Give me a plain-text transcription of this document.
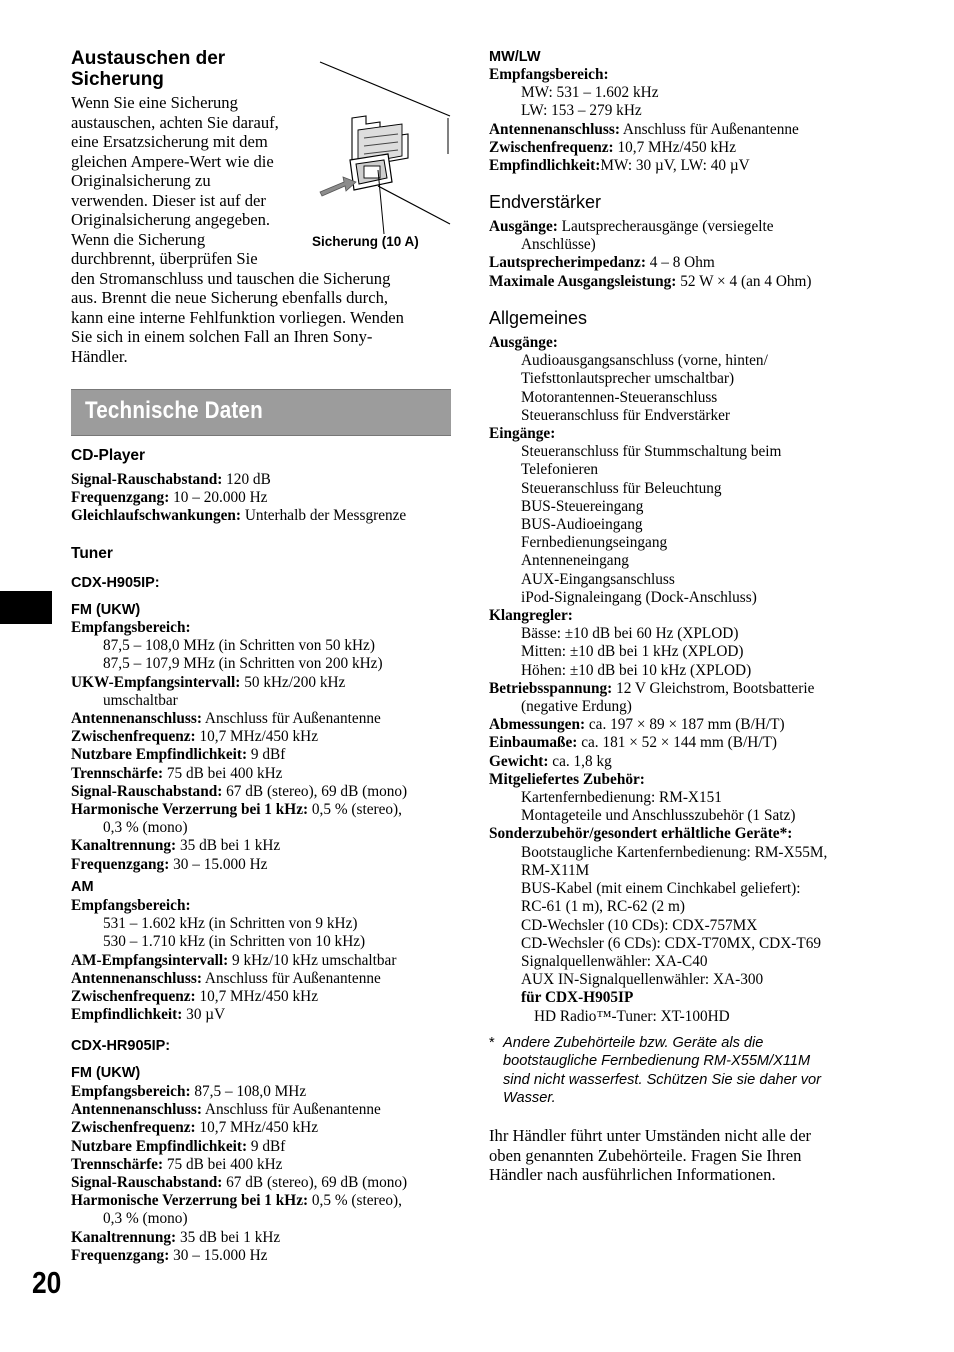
Austauschen der
Sicherung
Wenn Sie eine Sicherung
austauschen, achten Sie darauf,
eine Ersatzsicherung mit dem
gleichen Ampere-Wert wie die
Originalsicherung zu
verwenden. Dieser ist auf der
Originalsicherung angegeben.
Wenn die Sicherung
durchbrennt, überprüfen Sie
den Stromanschluss und tauschen die Sicherung
aus. Brennt die neue Sicherung ebenfalls durch,
kann eine interne Fehlfunktion vorliegen. Wenden
Sie sich in einem solchen Fall an Ihren Sony-
Händler.
Sicherung (10 A)
Technische Daten
CD-Player
Signal-Rauschabstand: 120 dB
Frequenzgang: 10 – 20.000 Hz
Gleichlaufschwankungen: Unterhalb der Messgrenze
Tuner
CDX-H905IP:
FM (UKW)
Empfangsbereich:
87,5 – 108,0 MHz (in Schritten von 50 kHz)
87,5 – 107,9 MHz (in Schritten von 200 kHz)
UKW-Empfangsintervall: 50 kHz/200 kHz
umschaltbar
Antennenanschluss: Anschluss für Außenantenne
Zwischenfrequenz: 10,7 MHz/450 kHz
Nutzbare Empfindlichkeit: 9 dBf
Trennschärfe: 75 dB bei 400 kHz
Signal-Rauschabstand: 67 dB (stereo), 69 dB (mono)
Harmonische Verzerrung bei 1 kHz: 0,5 % (stereo),
0,3 % (mono)
Kanaltrennung: 35 dB bei 1 kHz
Frequenzgang: 30 – 15.000 Hz
AM
Empfangsbereich:
531 – 1.602 kHz (in Schritten von 9 kHz)
530 – 1.710 kHz (in Schritten von 10 kHz)
AM-Empfangsintervall: 9 kHz/10 kHz umschaltbar
Antennenanschluss: Anschluss für Außenantenne
Zwischenfrequenz: 10,7 MHz/450 kHz
Empfindlichkeit: 30 µV
CDX-HR905IP:
FM (UKW)
Empfangsbereich: 87,5 – 108,0 MHz
Antennenanschluss: Anschluss für Außenantenne
Zwischenfrequenz: 10,7 MHz/450 kHz
Nutzbare Empfindlichkeit: 9 dBf
Trennschärfe: 75 dB bei 400 kHz
Signal-Rauschabstand: 67 dB (stereo), 69 dB (mono)
Harmonische Verzerrung bei 1 kHz: 0,5 % (stereo),
0,3 % (mono)
Kanaltrennung: 35 dB bei 1 kHz
Frequenzgang: 30 – 15.000 Hz
MW/LW
Empfangsbereich:
MW: 531 – 1.602 kHz
LW: 153 – 279 kHz
Antennenanschluss: Anschluss für Außenantenne
Zwischenfrequenz: 10,7 MHz/450 kHz
Empfindlichkeit:MW: 30 µV, LW: 40 µV
Endverstärker
Ausgänge: Lautsprecherausgänge (versiegelte
Anschlüsse)
Lautsprecherimpedanz: 4 – 8 Ohm
Maximale Ausgangsleistung: 52 W × 4 (an 4 Ohm)
Allgemeines
Ausgänge:
Audioausgangsanschluss (vorne, hinten/
Tiefsttonlautsprecher umschaltbar)
Motorantennen-Steueranschluss
Steueranschluss für Endverstärker
Eingänge:
Steueranschluss für Stummschaltung beim
Telefonieren
Steueranschluss für Beleuchtung
BUS-Steuereingang
BUS-Audioeingang
Fernbedienungseingang
Antenneneingang
AUX-Eingangsanschluss
iPod-Signaleingang (Dock-Anschluss)
Klangregler:
Bässe: ±10 dB bei 60 Hz (XPLOD)
Mitten: ±10 dB bei 1 kHz (XPLOD)
Höhen: ±10 dB bei 10 kHz (XPLOD)
Betriebsspannung: 12 V Gleichstrom, Bootsbatterie
(negative Erdung)
Abmessungen: ca. 197 × 89 × 187 mm (B/H/T)
Einbaumaße: ca. 181 × 52 × 144 mm (B/H/T)
Gewicht: ca. 1,8 kg
Mitgeliefertes Zubehör:
Kartenfernbedienung: RM-X151
Montageteile und Anschlusszubehör (1 Satz)
Sonderzubehör/gesondert erhältliche Geräte*:
Bootstaugliche Kartenfernbedienung: RM-X55M,
RM-X11M
BUS-Kabel (mit einem Cinchkabel geliefert):
RC-61 (1 m), RC-62 (2 m)
CD-Wechsler (10 CDs): CDX-757MX
CD-Wechsler (6 CDs): CDX-T70MX, CDX-T69
Signalquellenwähler: XA-C40
AUX IN-Signalquellenwähler: XA-300
für CDX-H905IP
HD Radio™-Tuner: XT-100HD
* Andere Zubehörteile bzw. Geräte als die
bootstaugliche Fernbedienung RM-X55M/X11M
sind nicht wasserfest. Schützen Sie sie daher vor
Wasser.
Ihr Händler führt unter Umständen nicht alle der
oben genannten Zubehörteile. Fragen Sie Ihren
Händler nach ausführlichen Informationen.
20
